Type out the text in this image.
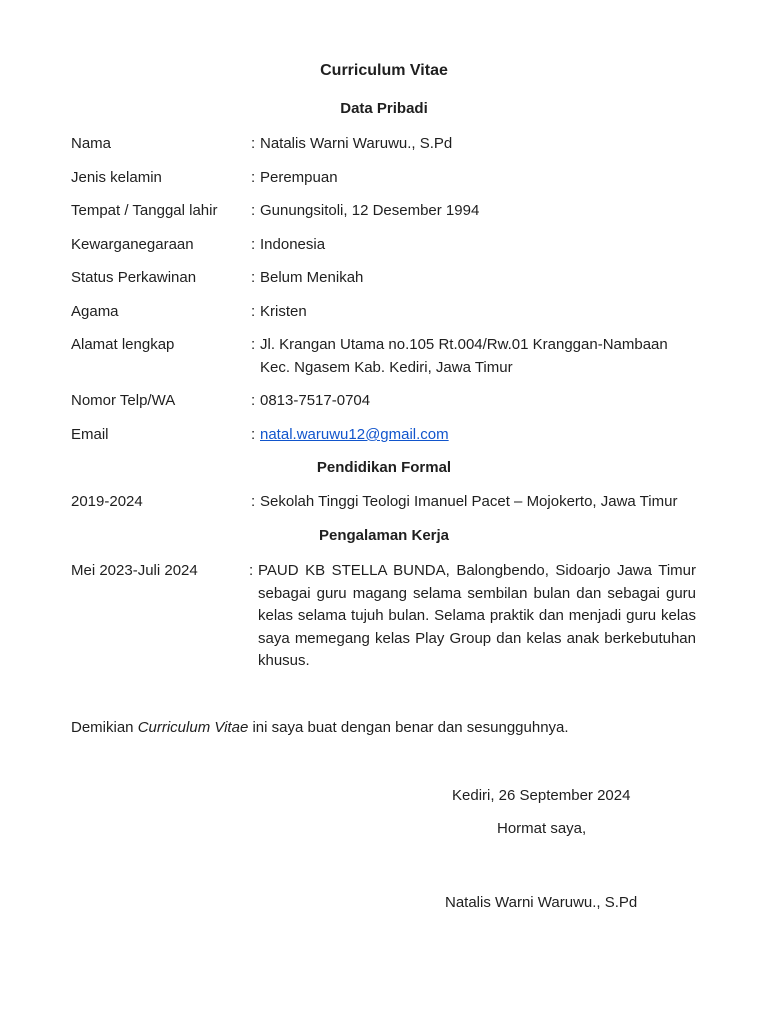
Curriculum Vitae
Data Pribadi
Nama	: Natalis Warni Waruwu., S.Pd
Jenis kelamin	: Perempuan
Tempat / Tanggal lahir : Gunungsitoli, 12 Desember 1994
Kewarganegaraan	: Indonesia
Status Perkawinan	: Belum Menikah
Agama	: Kristen
Alamat lengkap	: Jl. Krangan Utama no.105 Rt.004/Rw.01 Kranggan-Nambaan
Kec. Ngasem Kab. Kediri, Jawa Timur
Nomor Telp/WA	: 0813-7517-0704
Email	: natal.waruwu12@gmail.com
Pendidikan Formal
2019-2024	: Sekolah Tinggi Teologi Imanuel Pacet – Mojokerto, Jawa Timur
Pengalaman Kerja
Mei 2023-Juli 2024	: PAUD KB STELLA BUNDA, Balongbendo, Sidoarjo Jawa Timur sebagai guru magang selama sembilan bulan dan sebagai guru kelas selama tujuh bulan. Selama praktik dan menjadi guru kelas saya memegang kelas Play Group dan kelas anak berkebutuhan khusus.
Demikian Curriculum Vitae ini saya buat dengan benar dan sesungguhnya.
Kediri, 26 September 2024
Hormat saya,
Natalis Warni Waruwu., S.Pd
